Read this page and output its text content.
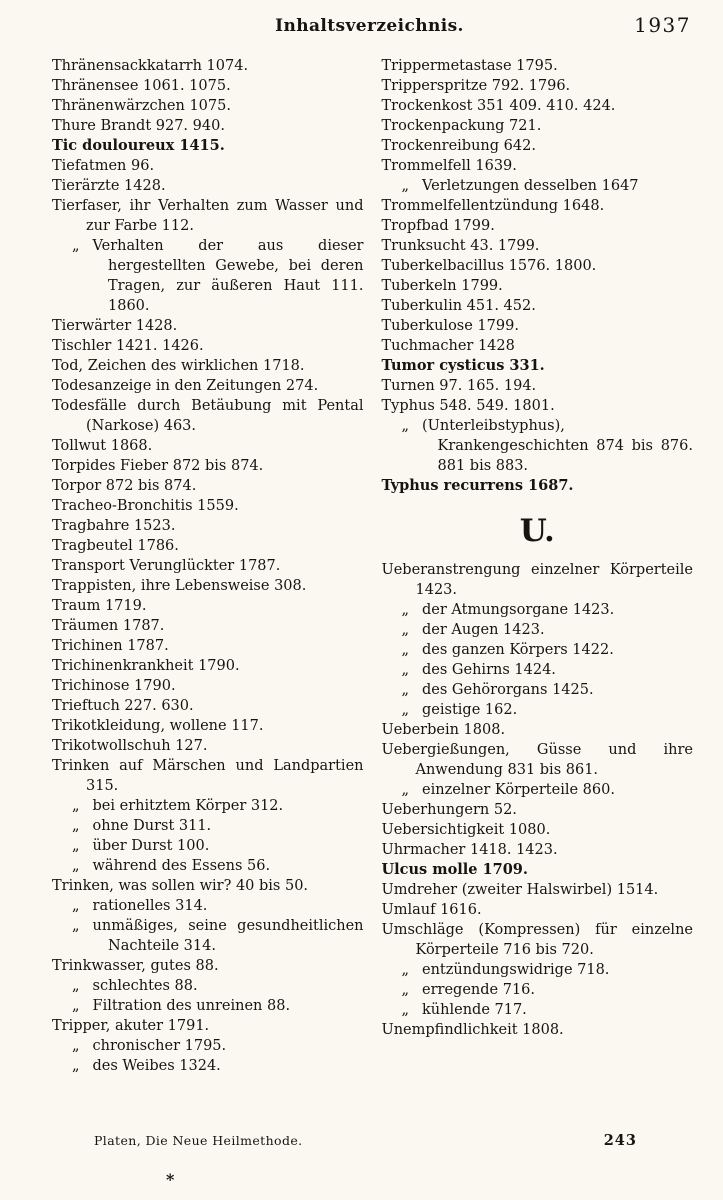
Inhaltsverzeichnis.	1937
Thränensackkatarrh 1074.
Thränensee 1061. 1075.
Thränenwärzchen 1075.
Thure Brandt 927. 940.
Tic douloureux 1415.
Tiefatmen 96.
Tierärzte 1428.
Tierfaser, ihr Verhalten zum Wasser und zur Farbe 112.
„ Verhalten der aus dieser hergestellten Gewebe, bei deren Tragen, zur äußeren Haut 111. 1860.
Tierwärter 1428.
Tischler 1421. 1426.
Tod, Zeichen des wirklichen 1718.
Todesanzeige in den Zeitungen 274.
Todesfälle durch Betäubung mit Pental (Narkose) 463.
Tollwut 1868.
Torpides Fieber 872 bis 874.
Torpor 872 bis 874.
Tracheo-Bronchitis 1559.
Tragbahre 1523.
Tragbeutel 1786.
Transport Verunglückter 1787.
Trappisten, ihre Lebensweise 308.
Traum 1719.
Träumen 1787.
Trichinen 1787.
Trichinenkrankheit 1790.
Trichinose 1790.
Trieftuch 227. 630.
Trikotkleidung, wollene 117.
Trikotwollschuh 127.
Trinken auf Märschen und Landpartien 315.
„ bei erhitztem Körper 312.
„ ohne Durst 311.
„ über Durst 100.
„ während des Essens 56.
Trinken, was sollen wir? 40 bis 50.
„ rationelles 314.
„ unmäßiges, seine gesundheitlichen Nachteile 314.
Trinkwasser, gutes 88.
„ schlechtes 88.
„ Filtration des unreinen 88.
Tripper, akuter 1791.
„ chronischer 1795.
„ des Weibes 1324.
Trippermetastase 1795.
Tripperspritze 792. 1796.
Trockenkost 351 409. 410. 424.
Trockenpackung 721.
Trockenreibung 642.
Trommelfell 1639.
„ Verletzungen desselben 1647
Trommelfellentzündung 1648.
Tropfbad 1799.
Trunksucht 43. 1799.
Tuberkelbacillus 1576. 1800.
Tuberkeln 1799.
Tuberkulin 451. 452.
Tuberkulose 1799.
Tuchmacher 1428
Tumor cysticus 331.
Turnen 97. 165. 194.
Typhus 548. 549. 1801.
„ (Unterleibstyphus), Krankengeschichten 874 bis 876. 881 bis 883.
Typhus recurrens 1687.
U.
Ueberanstrengung einzelner Körperteile 1423.
„ der Atmungsorgane 1423.
„ der Augen 1423.
„ des ganzen Körpers 1422.
„ des Gehirns 1424.
„ des Gehörorgans 1425.
„ geistige 162.
Ueberbein 1808.
Uebergießungen, Güsse und ihre Anwendung 831 bis 861.
„ einzelner Körperteile 860.
Ueberhungern 52.
Uebersichtigkeit 1080.
Uhrmacher 1418. 1423.
Ulcus molle 1709.
Umdreher (zweiter Halswirbel) 1514.
Umlauf 1616.
Umschläge (Kompressen) für einzelne Körperteile 716 bis 720.
„ entzündungswidrige 718.
„ erregende 716.
„ kühlende 717.
Unempfindlichkeit 1808.
Platen, Die Neue Heilmethode.	243
*
